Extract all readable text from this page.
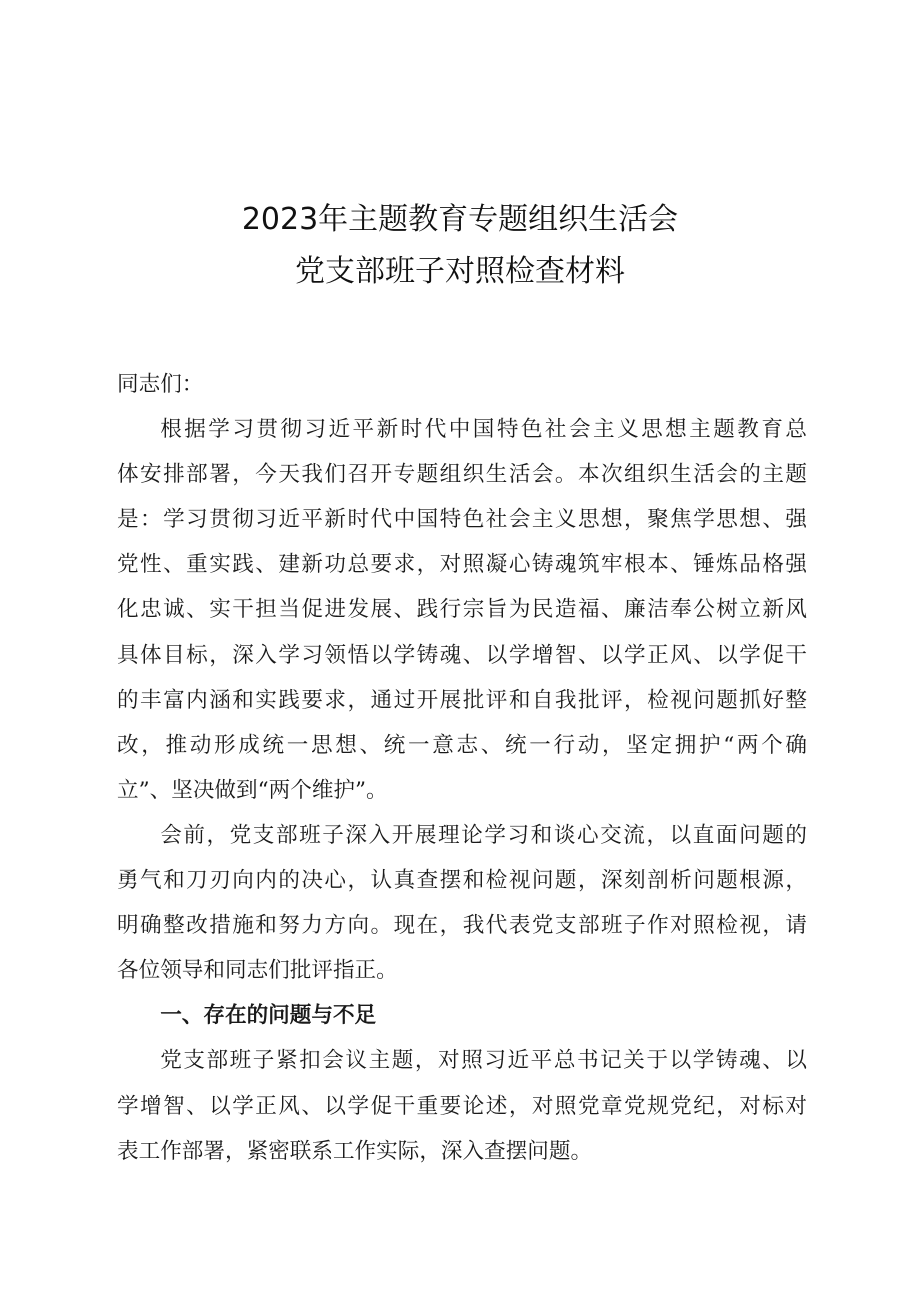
2023年主题教育专题组织生活会
党支部班子对照检查材料

同志们：

根据学习贯彻习近平新时代中国特色社会主义思想主题教育总
体安排部署，今天我们召开专题组织生活会。本次组织生活会的主题
是：学习贯彻习近平新时代中国特色社会主义思想，聚焦学思想、强
党性、重实践、建新功总要求，对照凝心铸魂筑牢根本、锤炼品格强
化忠诚、实干担当促进发展、践行宗旨为民造福、廉洁奉公树立新风
具体目标，深入学习领悟以学铸魂、以学增智、以学正风、以学促干
的丰富内涵和实践要求，通过开展批评和自我批评，检视问题抓好整
改，推动形成统一思想、统一意志、统一行动，坚定拥护“两个确
立”、坚决做到“两个维护”。

会前，党支部班子深入开展理论学习和谈心交流，以直面问题的
勇气和刀刃向内的决心，认真查摆和检视问题，深刻剖析问题根源，
明确整改措施和努力方向。现在，我代表党支部班子作对照检视，请
各位领导和同志们批评指正。

一、存在的问题与不足

党支部班子紧扣会议主题，对照习近平总书记关于以学铸魂、以
学增智、以学正风、以学促干重要论述，对照党章党规党纪，对标对
表工作部署，紧密联系工作实际，深入查摆问题。
